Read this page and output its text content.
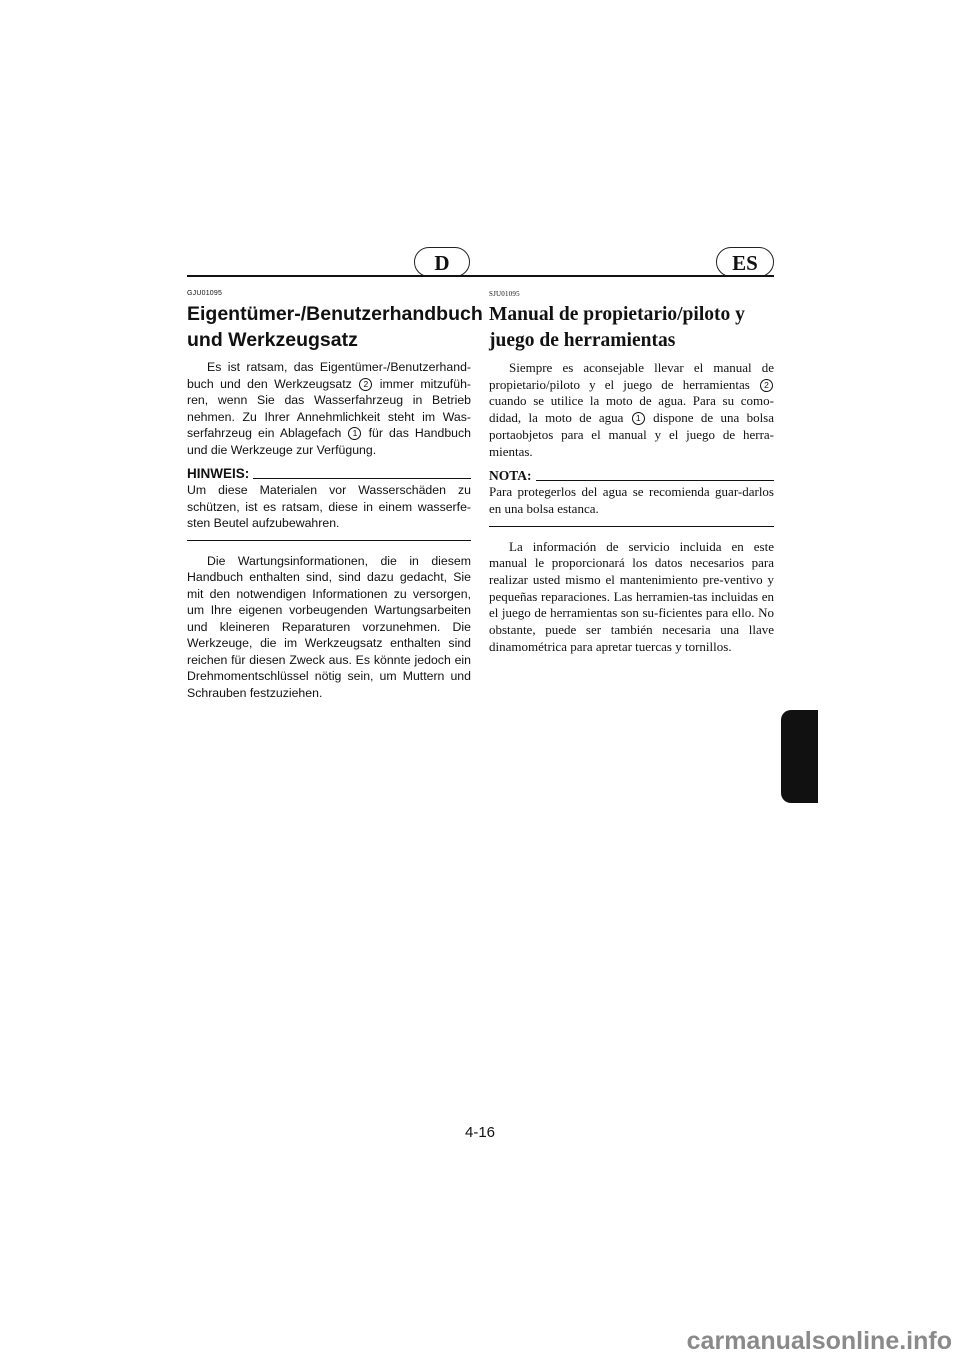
D	ES
GJU01095
Eigentümer-/Benutzerhandbuch
und Werkzeugsatz

Es ist ratsam, das Eigentümer-/Benutzerhand-buch und den Werkzeugsatz 2 immer mitzufüh-ren, wenn Sie das Wasserfahrzeug in Betrieb nehmen. Zu Ihrer Annehmlichkeit steht im Was-serfahrzeug ein Ablagefach 1 für das Handbuch und die Werkzeuge zur Verfügung.

HINWEIS:

Um diese Materialen vor Wasserschäden zu schützen, ist es ratsam, diese in einem wasserfe-sten Beutel aufzubewahren.

Die Wartungsinformationen, die in diesem Handbuch enthalten sind, sind dazu gedacht, Sie mit den notwendigen Informationen zu versorgen, um Ihre eigenen vorbeugenden Wartungsarbeiten und kleineren Reparaturen vorzunehmen. Die Werkzeuge, die im Werkzeugsatz enthalten sind reichen für diesen Zweck aus. Es könnte jedoch ein Drehmomentschlüssel nötig sein, um Muttern und Schrauben festzuziehen.

SJU01095
Manual de propietario/piloto y
juego de herramientas

Siempre es aconsejable llevar el manual de propietario/piloto y el juego de herramientas 2 cuando se utilice la moto de agua. Para su como-didad, la moto de agua 1 dispone de una bolsa portaobjetos para el manual y el juego de herra-mientas.

NOTA:

Para protegerlos del agua se recomienda guar-darlos en una bolsa estanca.

La información de servicio incluida en este manual le proporcionará los datos necesarios para realizar usted mismo el mantenimiento pre-ventivo y pequeñas reparaciones. Las herramien-tas incluidas en el juego de herramientas son su-ficientes para ello. No obstante, puede ser también necesaria una llave dinamométrica para apretar tuercas y tornillos.

4-16
carmanualsonline.info
